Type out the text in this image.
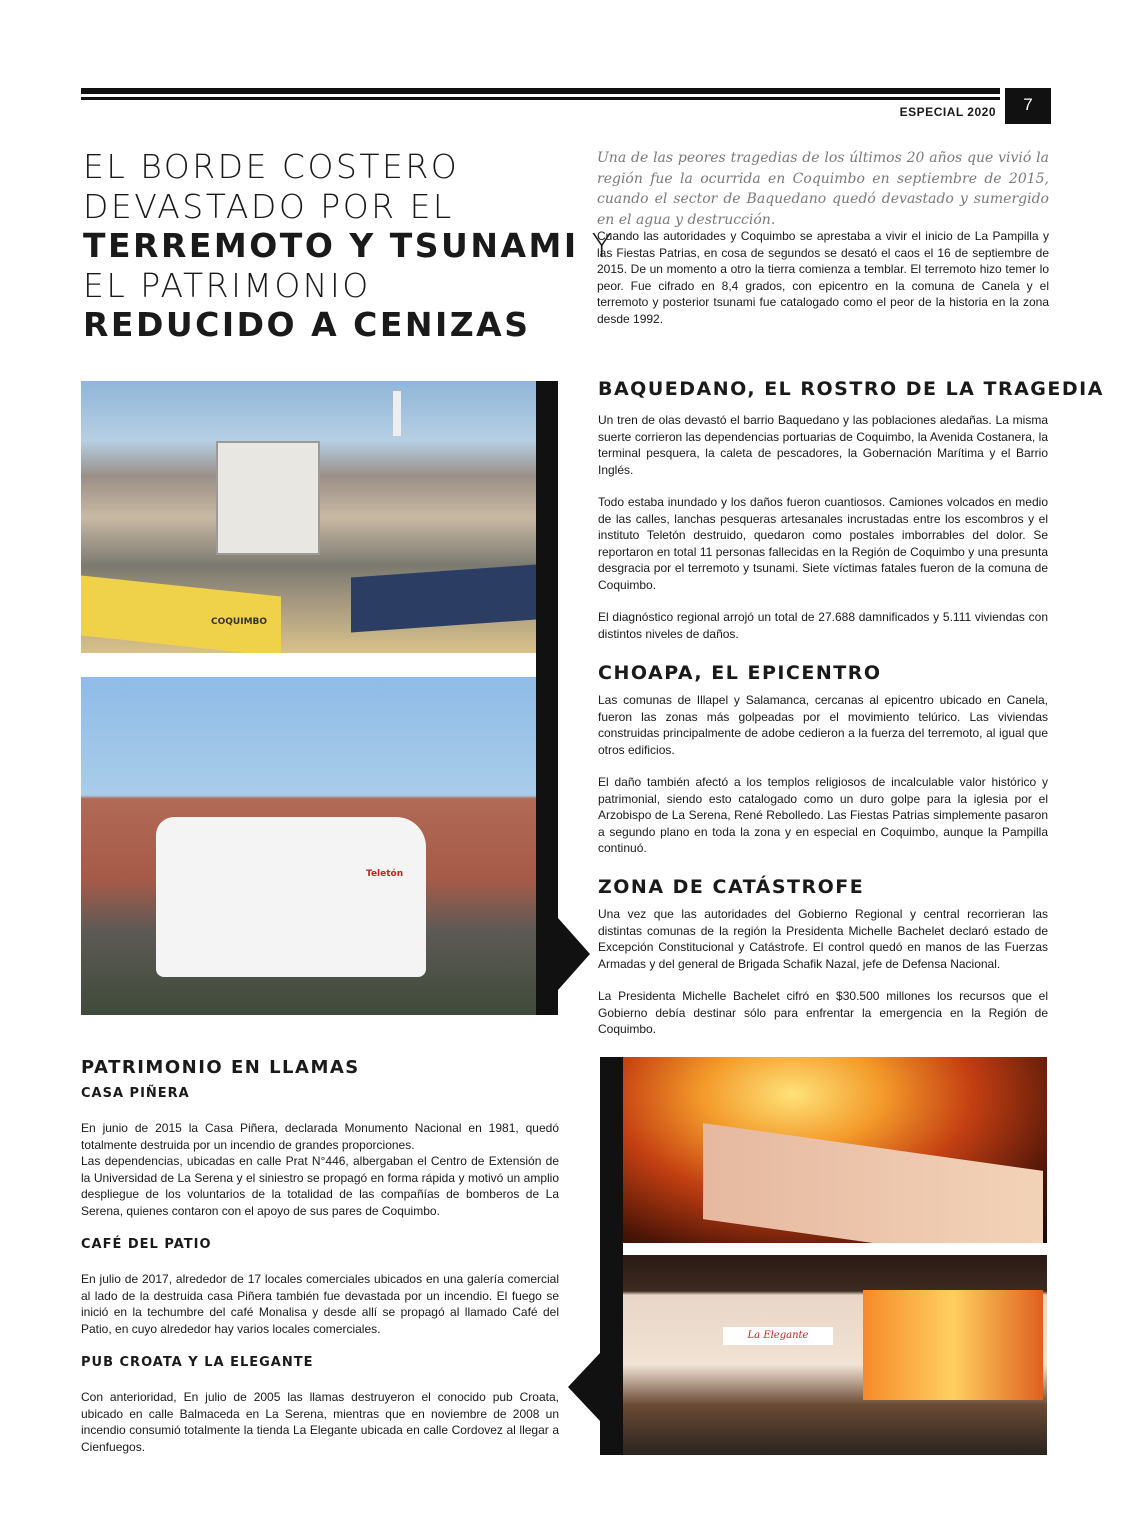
ESPECIAL 2020	7
EL BORDE COSTERO
DEVASTADO POR EL
TERREMOTO Y TSUNAMI Y
EL PATRIMONIO
REDUCIDO A CENIZAS
Una de las peores tragedias de los últimos 20 años que vivió la región fue la ocurrida en Coquimbo en septiembre de 2015, cuando el sector de Baquedano quedó devastado y sumergido en el agua y destrucción.
Cuando las autoridades y Coquimbo se aprestaba a vivir el inicio de La Pampilla y las Fiestas Patrias, en cosa de segundos se desató el caos el 16 de septiembre de 2015. De un momento a otro la tierra comienza a temblar. El terremoto hizo temer lo peor. Fue cifrado en 8,4 grados, con epicentro en la comuna de Canela y el terremoto y posterior tsunami fue catalogado como el peor de la historia en la zona desde 1992.
COQUIMBO
Teletón
BAQUEDANO, EL ROSTRO DE LA TRAGEDIA

Un tren de olas devastó el barrio Baquedano y las poblaciones aledañas. La misma suerte corrieron las dependencias portuarias de Coquimbo, la Avenida Costanera, la terminal pesquera, la caleta de pescadores, la Gobernación Marítima y el Barrio Inglés.

Todo estaba inundado y los daños fueron cuantiosos. Camiones volcados en medio de las calles, lanchas pesqueras artesanales incrustadas entre los escombros y el instituto Teletón destruido, quedaron como postales imborrables del dolor. Se reportaron en total 11 personas fallecidas en la Región de Coquimbo y una presunta desgracia por el terremoto y tsunami. Siete víctimas fatales fueron de la comuna de Coquimbo.

El diagnóstico regional arrojó un total de 27.688 damnificados y 5.111 viviendas con distintos niveles de daños.

CHOAPA, EL EPICENTRO

Las comunas de Illapel y Salamanca, cercanas al epicentro ubicado en Canela, fueron las zonas más golpeadas por el movimiento telúrico. Las viviendas construidas principalmente de adobe cedieron a la fuerza del terremoto, al igual que otros edificios.

El daño también afectó a los templos religiosos de incalculable valor histórico y patrimonial, siendo esto catalogado como un duro golpe para la iglesia por el Arzobispo de La Serena, René Rebolledo. Las Fiestas Patrias simplemente pasaron a segundo plano en toda la zona y en especial en Coquimbo, aunque la Pampilla continuó.

ZONA DE CATÁSTROFE

Una vez que las autoridades del Gobierno Regional y central recorrieran las distintas comunas de la región la Presidenta Michelle Bachelet declaró estado de Excepción Constitucional y Catástrofe. El control quedó en manos de las Fuerzas Armadas y del general de Brigada Schafik Nazal, jefe de Defensa Nacional.

La Presidenta Michelle Bachelet cifró en $30.500 millones los recursos que el Gobierno debía destinar sólo para enfrentar la emergencia en la Región de Coquimbo.

PATRIMONIO EN LLAMAS
CASA PIÑERA
En junio de 2015 la Casa Piñera, declarada Monumento Nacional en 1981, quedó totalmente destruida por un incendio de grandes proporciones.
Las dependencias, ubicadas en calle Prat N°446, albergaban el Centro de Extensión de la Universidad de La Serena y el siniestro se propagó en forma rápida y motivó un amplio despliegue de los voluntarios de la totalidad de las compañías de bomberos de La Serena, quienes contaron con el apoyo de sus pares de Coquimbo.
CAFÉ DEL PATIO
En julio de 2017, alrededor de 17 locales comerciales ubicados en una galería comercial al lado de la destruida casa Piñera también fue devastada por un incendio. El fuego se inició en la techumbre del café Monalisa y desde allí se propagó al llamado Café del Patio, en cuyo alrededor hay varios locales comerciales.
PUB CROATA Y LA ELEGANTE
Con anterioridad, En julio de 2005 las llamas destruyeron el conocido pub Croata, ubicado en calle Balmaceda en La Serena, mientras que en noviembre de 2008 un incendio consumió totalmente la tienda La Elegante ubicada en calle Cordovez al llegar a Cienfuegos.
La Elegante
